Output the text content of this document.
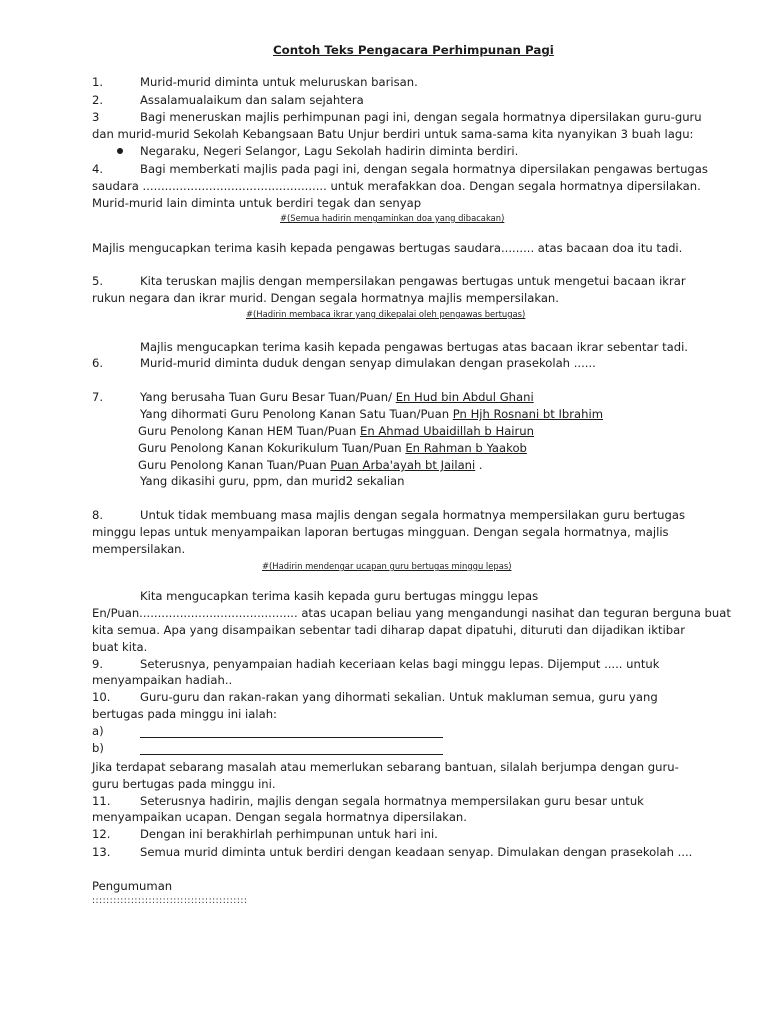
Contoh Teks Pengacara Perhimpunan Pagi
1.	Murid-murid diminta untuk meluruskan barisan.
2.	Assalamualaikum dan salam sejahtera
3	Bagi meneruskan majlis perhimpunan pagi ini, dengan segala hormatnya dipersilakan guru-guru
dan murid-murid Sekolah Kebangsaan Batu Unjur berdiri untuk sama-sama kita nyanyikan 3 buah lagu:
Negaraku, Negeri Selangor, Lagu Sekolah hadirin diminta berdiri.
4.	Bagi memberkati majlis pada pagi ini, dengan segala hormatnya dipersilakan pengawas bertugas
saudara .................................................. untuk merafakkan doa. Dengan segala hormatnya dipersilakan.
Murid-murid lain diminta untuk berdiri tegak dan senyap
#(Semua hadirin mengaminkan doa yang dibacakan)
Majlis mengucapkan terima kasih kepada pengawas bertugas saudara......... atas bacaan doa itu tadi.
5.	Kita teruskan majlis dengan mempersilakan pengawas bertugas untuk mengetui bacaan ikrar
rukun negara dan ikrar murid. Dengan segala hormatnya majlis mempersilakan.
#(Hadirin membaca ikrar yang dikepalai oleh pengawas bertugas)
Majlis mengucapkan terima kasih kepada pengawas bertugas atas bacaan ikrar sebentar tadi.
6.	Murid-murid diminta duduk dengan senyap dimulakan dengan prasekolah ......
7.	Yang berusaha Tuan Guru Besar Tuan/Puan/ En Hud bin Abdul Ghani
Yang dihormati Guru Penolong Kanan Satu Tuan/Puan Pn Hjh Rosnani bt Ibrahim
Guru Penolong Kanan HEM Tuan/Puan En Ahmad Ubaidillah b Hairun
Guru Penolong Kanan Kokurikulum Tuan/Puan En Rahman b Yaakob
Guru Penolong Kanan Tuan/Puan Puan Arba'ayah bt Jailani .
Yang dikasihi guru, ppm, dan murid2 sekalian
8.	Untuk tidak membuang masa majlis dengan segala hormatnya mempersilakan guru bertugas
minggu lepas untuk menyampaikan laporan bertugas mingguan. Dengan segala hormatnya, majlis
mempersilakan.
#(Hadirin mendengar ucapan guru bertugas minggu lepas)
Kita mengucapkan terima kasih kepada guru bertugas minggu lepas
En/Puan........................................... atas ucapan beliau yang mengandungi nasihat dan teguran berguna buat
kita semua. Apa yang disampaikan sebentar tadi diharap dapat dipatuhi, dituruti dan dijadikan iktibar
buat kita.
9.	Seterusnya, penyampaian hadiah keceriaan kelas bagi minggu lepas. Dijemput ..... untuk
menyampaikan hadiah..
10.	Guru-guru dan rakan-rakan yang dihormati sekalian. Untuk makluman semua, guru yang
bertugas pada minggu ini ialah:
a)
b)
Jika terdapat sebarang masalah atau memerlukan sebarang bantuan, silalah berjumpa dengan guru-
guru bertugas pada minggu ini.
11.	Seterusnya hadirin, majlis dengan segala hormatnya mempersilakan guru besar untuk
menyampaikan ucapan. Dengan segala hormatnya dipersilakan.
12.	Dengan ini berakhirlah perhimpunan untuk hari ini.
13.	Semua murid diminta untuk berdiri dengan keadaan senyap. Dimulakan dengan prasekolah ....
Pengumuman
::::::::::::::::::::::::::::::::::::::::::::
